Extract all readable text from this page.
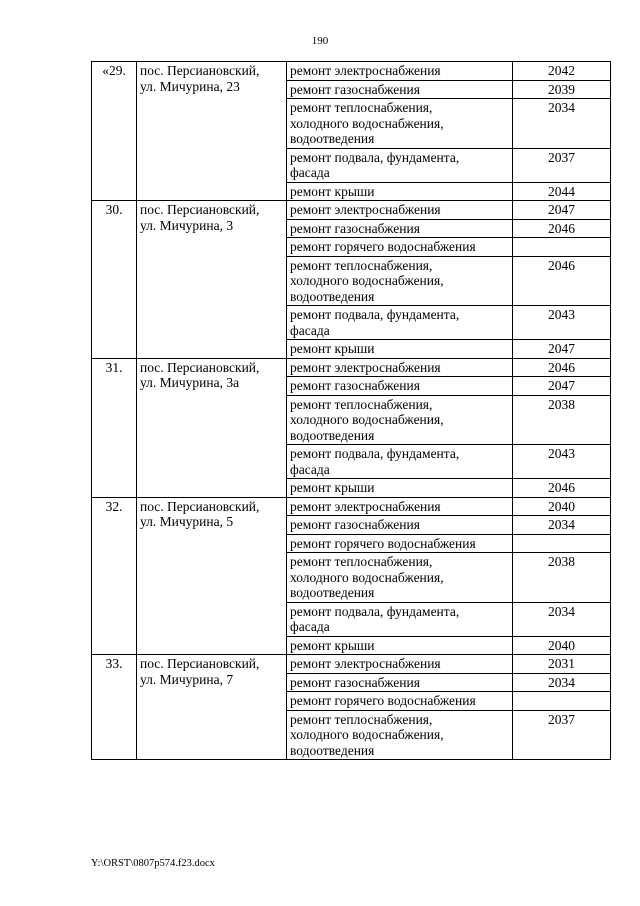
190
«29.	пос. Персиановский,
ул. Мичурина, 23	ремонт электроснабжения	2042

		ремонт газоснабжения	2039

		ремонт теплоснабжения,
холодного водоснабжения,
водоотведения	2034

		ремонт подвала, фундамента,
фасада	2037

		ремонт крыши	2044
30.	пос. Персиановский,
ул. Мичурина, 3	ремонт электроснабжения	2047

		ремонт газоснабжения	2046

		ремонт горячего водоснабжения	

		ремонт теплоснабжения,
холодного водоснабжения,
водоотведения	2046

		ремонт подвала, фундамента,
фасада	2043

		ремонт крыши	2047
31.	пос. Персиановский,
ул. Мичурина, 3а	ремонт электроснабжения	2046

		ремонт газоснабжения	2047

		ремонт теплоснабжения,
холодного водоснабжения,
водоотведения	2038

		ремонт подвала, фундамента,
фасада	2043

		ремонт крыши	2046
32.	пос. Персиановский,
ул. Мичурина, 5	ремонт электроснабжения	2040

		ремонт газоснабжения	2034

		ремонт горячего водоснабжения	

		ремонт теплоснабжения,
холодного водоснабжения,
водоотведения	2038

		ремонт подвала, фундамента,
фасада	2034

		ремонт крыши	2040
33.	пос. Персиановский,
ул. Мичурина, 7	ремонт электроснабжения	2031

		ремонт газоснабжения	2034

		ремонт горячего водоснабжения	

		ремонт теплоснабжения,
холодного водоснабжения,
водоотведения	2037
Y:\ORST\0807p574.f23.docx
